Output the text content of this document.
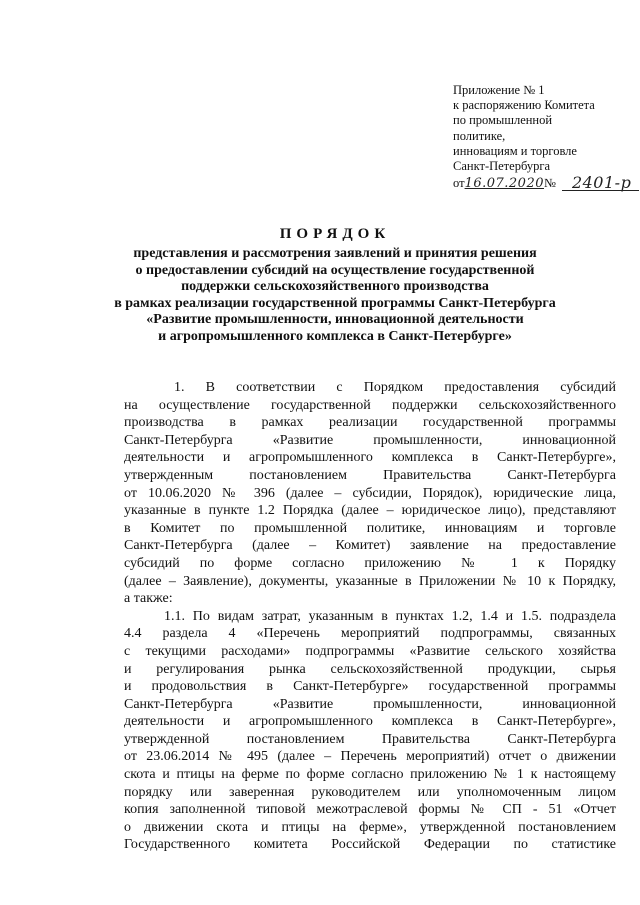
Приложение № 1
к распоряжению Комитета
по промышленной
политике,
инновациям и торговле
Санкт-Петербурга
от 16.07.2020 №	2401-р
ПОРЯДОК
представления и рассмотрения заявлений и принятия решения
о предоставлении субсидий на осуществление государственной
поддержки сельскохозяйственного производства
в рамках реализации государственной программы Санкт-Петербурга
«Развитие промышленности, инновационной деятельности
и агропромышленного комплекса в Санкт-Петербурге»

1. В соответствии с Порядком предоставления субсидий
на осуществление государственной поддержки сельскохозяйственного
производства в рамках реализации государственной программы
Санкт-Петербурга «Развитие промышленности, инновационной
деятельности и агропромышленного комплекса в Санкт-Петербурге»,
утвержденным постановлением Правительства Санкт-Петербурга
от 10.06.2020 № 396 (далее – субсидии, Порядок), юридические лица,
указанные в пункте 1.2 Порядка (далее – юридическое лицо), представляют
в Комитет по промышленной политике, инновациям и торговле
Санкт-Петербурга (далее – Комитет) заявление на предоставление
субсидий по форме согласно приложению № 1 к Порядку
(далее – Заявление), документы, указанные в Приложении № 10 к Порядку,
а также:

1.1. По видам затрат, указанным в пунктах 1.2, 1.4 и 1.5. подраздела
4.4 раздела 4 «Перечень мероприятий подпрограммы, связанных
с текущими расходами» подпрограммы «Развитие сельского хозяйства
и регулирования рынка сельскохозяйственной продукции, сырья
и продовольствия в Санкт-Петербурге» государственной программы
Санкт-Петербурга «Развитие промышленности, инновационной
деятельности и агропромышленного комплекса в Санкт-Петербурге»,
утвержденной постановлением Правительства Санкт-Петербурга
от 23.06.2014 № 495 (далее – Перечень мероприятий) отчет о движении
скота и птицы на ферме по форме согласно приложению № 1 к настоящему
порядку или заверенная руководителем или уполномоченным лицом
копия заполненной типовой межотраслевой формы № СП - 51 «Отчет
о движении скота и птицы на ферме», утвержденной постановлением
Государственного комитета Российской Федерации по статистике
